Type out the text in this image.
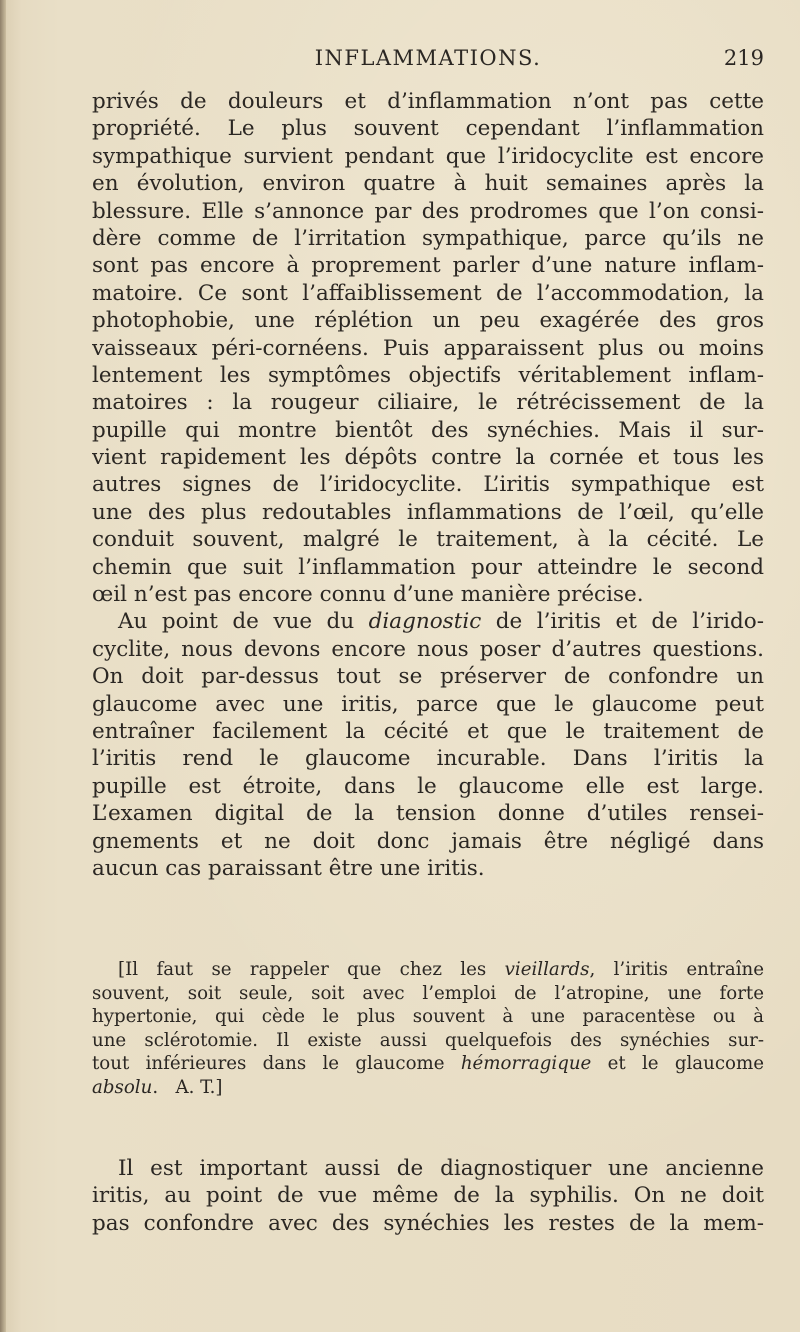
INFLAMMATIONS.	219
privés de douleurs et d’inflammation n’ont pas cette
propriété. Le plus souvent cependant l’inflammation
sympathique survient pendant que l’iridocyclite est encore
en évolution, environ quatre à huit semaines après la
blessure. Elle s’annonce par des prodromes que l’on consi-
dère comme de l’irritation sympathique, parce qu’ils ne
sont pas encore à proprement parler d’une nature inflam-
matoire. Ce sont l’affaiblissement de l’accommodation, la
photophobie, une réplétion un peu exagérée des gros
vaisseaux péri-cornéens. Puis apparaissent plus ou moins
lentement les symptômes objectifs véritablement inflam-
matoires : la rougeur ciliaire, le rétrécissement de la
pupille qui montre bientôt des synéchies. Mais il sur-
vient rapidement les dépôts contre la cornée et tous les
autres signes de l’iridocyclite. L’iritis sympathique est
une des plus redoutables inflammations de l’œil, qu’elle
conduit souvent, malgré le traitement, à la cécité. Le
chemin que suit l’inflammation pour atteindre le second
œil n’est pas encore connu d’une manière précise.
Au point de vue du diagnostic de l’iritis et de l’irido-
cyclite, nous devons encore nous poser d’autres questions.
On doit par-dessus tout se préserver de confondre un
glaucome avec une iritis, parce que le glaucome peut
entraîner facilement la cécité et que le traitement de
l’iritis rend le glaucome incurable. Dans l’iritis la
pupille est étroite, dans le glaucome elle est large.
L’examen digital de la tension donne d’utiles rensei-
gnements et ne doit donc jamais être négligé dans
aucun cas paraissant être une iritis.
[Il faut se rappeler que chez les vieillards, l’iritis entraîne
souvent, soit seule, soit avec l’emploi de l’atropine, une forte
hypertonie, qui cède le plus souvent à une paracentèse ou à
une sclérotomie. Il existe aussi quelquefois des synéchies sur-
tout inférieures dans le glaucome hémorragique et le glaucome
absolu.   A. T.]
Il est important aussi de diagnostiquer une ancienne
iritis, au point de vue même de la syphilis. On ne doit
pas confondre avec des synéchies les restes de la mem-
